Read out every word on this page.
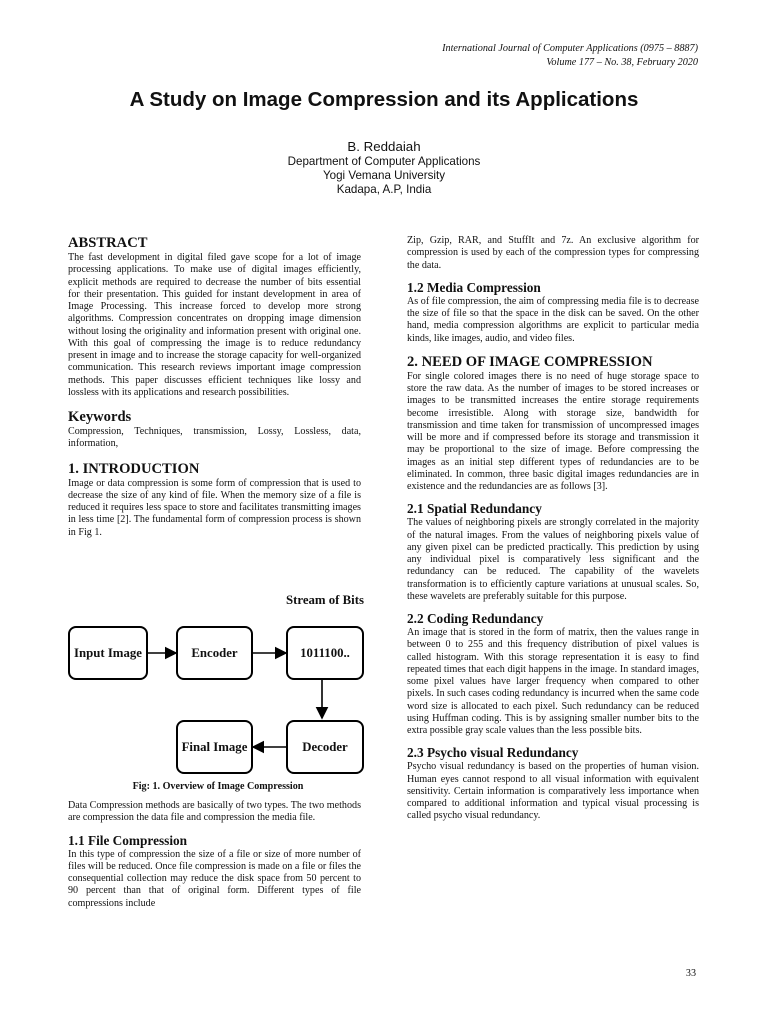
International Journal of Computer Applications (0975 – 8887)
Volume 177 – No. 38, February 2020
A Study on Image Compression and its Applications
B. Reddaiah
Department of Computer Applications
Yogi Vemana University
Kadapa, A.P, India
ABSTRACT

The fast development in digital filed gave scope for a lot of image processing applications. To make use of digital images efficiently, explicit methods are required to decrease the number of bits essential for their presentation. This guided for instant development in area of Image Processing. This increase forced to develop more strong algorithms. Compression concentrates on dropping image dimension without losing the originality and information present with original one. With this goal of compressing the image is to reduce redundancy present in image and to increase the storage capacity for well-organized communication. This research reviews important image compression methods. This paper discusses efficient techniques like lossy and lossless with its applications and research possibilities.

Keywords

Compression, Techniques, transmission, Lossy, Lossless, data, information,

1. INTRODUCTION

Image or data compression is some form of compression that is used to decrease the size of any kind of file. When the memory size of a file is reduced it requires less space to store and facilitates transmitting images in less time [2]. The fundamental form of compression process is shown in Fig 1.

Input Image	Encoder	1011100..
Stream of Bits
Final Image	Decoder
Fig: 1. Overview of Image Compression

Data Compression methods are basically of two types. The two methods are compression the data file and compression the media file.

1.1 File Compression

In this type of compression the size of a file or size of more number of files will be reduced. Once file compression is made on a file or files the consequential collection may reduce the disk space from 50 percent to 90 percent than that of original form. Different types of file compressions include

Zip, Gzip, RAR, and StuffIt and 7z. An exclusive algorithm for compression is used by each of the compression types for compressing the data.

1.2 Media Compression

As of file compression, the aim of compressing media file is to decrease the size of file so that the space in the disk can be saved. On the other hand, media compression algorithms are explicit to particular media kinds, like images, audio, and video files.

2. NEED OF IMAGE COMPRESSION

For single colored images there is no need of huge storage space to store the raw data. As the number of images to be stored increases or images to be transmitted increases the entire storage requirements become irresistible. Along with storage size, bandwidth for transmission and time taken for transmission of uncompressed images will be more and if compressed before its storage and transmission it may be proportional to the size of image. Before compressing the images as an initial step different types of redundancies are to be eliminated. In common, three basic digital images redundancies are in existence and the redundancies are as follows [3].

2.1 Spatial Redundancy

The values of neighboring pixels are strongly correlated in the majority of the natural images. From the values of neighboring pixels value of any given pixel can be predicted practically. This prediction by using any individual pixel is comparatively less significant and the redundancy can be reduced. The capability of the wavelets transformation is to efficiently capture variations at unusual scales. So, these wavelets are preferably suitable for this purpose.

2.2 Coding Redundancy

An image that is stored in the form of matrix, then the values range in between 0 to 255 and this frequency distribution of pixel values is called histogram. With this storage representation it is easy to find repeated times that each digit happens in the image. In standard images, some pixel values have larger frequency when compared to other pixels. In such cases coding redundancy is incurred when the same code word size is allocated to each pixel. Such redundancy can be reduced using Huffman coding. This is by assigning smaller number bits to the extra possible gray scale values than the less possible bits.

2.3 Psycho visual Redundancy

Psycho visual redundancy is based on the properties of human vision. Human eyes cannot respond to all visual information with equivalent sensitivity. Certain information is comparatively less importance when compared to additional information and typical visual processing is called psycho visual redundancy.

33
